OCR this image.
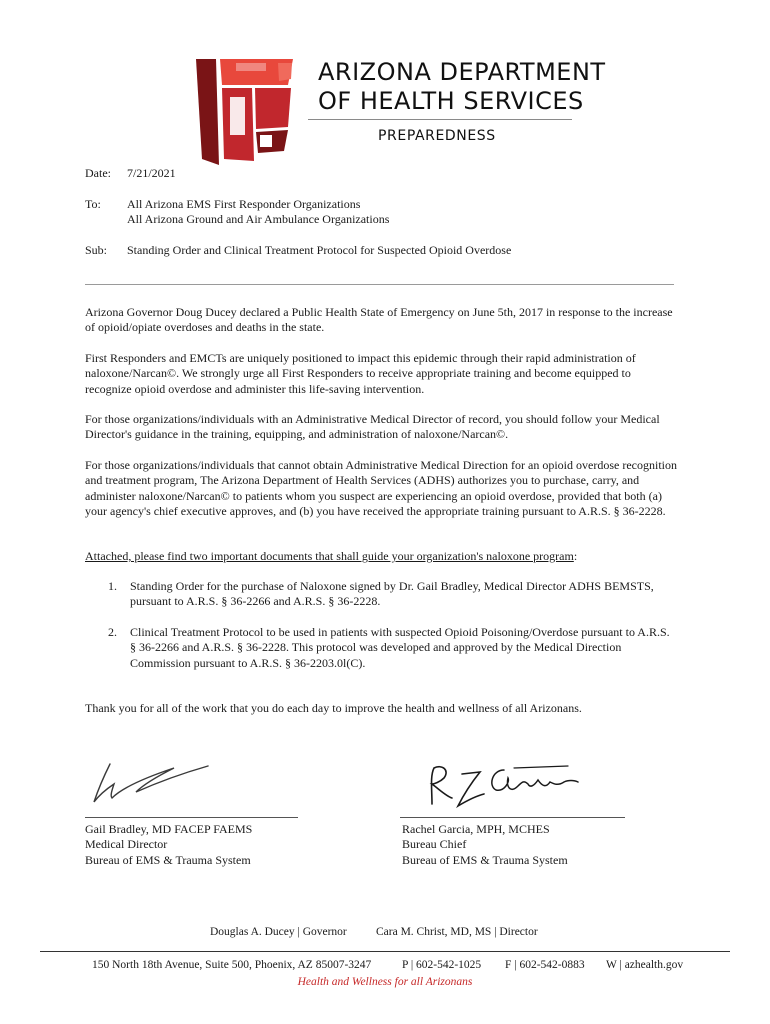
ARIZONA DEPARTMENT
OF HEALTH SERVICES
PREPAREDNESS
Date: 7/21/2021
To: All Arizona EMS First Responder Organizations
All Arizona Ground and Air Ambulance Organizations
Sub: Standing Order and Clinical Treatment Protocol for Suspected Opioid Overdose

Arizona Governor Doug Ducey declared a Public Health State of Emergency on June 5th, 2017 in response to the increase of opioid/opiate overdoses and deaths in the state.

First Responders and EMCTs are uniquely positioned to impact this epidemic through their rapid administration of naloxone/Narcan©. We strongly urge all First Responders to receive appropriate training and become equipped to recognize opioid overdose and administer this life-saving intervention.

For those organizations/individuals with an Administrative Medical Director of record, you should follow your Medical Director's guidance in the training, equipping, and administration of naloxone/Narcan©.

For those organizations/individuals that cannot obtain Administrative Medical Direction for an opioid overdose recognition and treatment program, The Arizona Department of Health Services (ADHS) authorizes you to purchase, carry, and administer naloxone/Narcan© to patients whom you suspect are experiencing an opioid overdose, provided that both (a) your agency's chief executive approves, and (b) you have received the appropriate training pursuant to A.R.S. § 36-2228.

Attached, please find two important documents that shall guide your organization's naloxone program:
1. Standing Order for the purchase of Naloxone signed by Dr. Gail Bradley, Medical Director ADHS BEMSTS, pursuant to A.R.S. § 36-2266 and A.R.S. § 36-2228.
2. Clinical Treatment Protocol to be used in patients with suspected Opioid Poisoning/Overdose pursuant to A.R.S. § 36-2266 and A.R.S. § 36-2228. This protocol was developed and approved by the Medical Direction Commission pursuant to A.R.S. § 36-2203.0l(C).

Thank you for all of the work that you do each day to improve the health and wellness of all Arizonans.

Gail Bradley, MD FACEP FAEMS
Medical Director
Bureau of EMS & Trauma System
Rachel Garcia, MPH, MCHES
Bureau Chief
Bureau of EMS & Trauma System
Douglas A. Ducey | Governor	Cara M. Christ, MD, MS | Director
150 North 18th Avenue, Suite 500, Phoenix, AZ 85007-3247	P | 602-542-1025 F | 602-542-0883 W | azhealth.gov
Health and Wellness for all Arizonans
